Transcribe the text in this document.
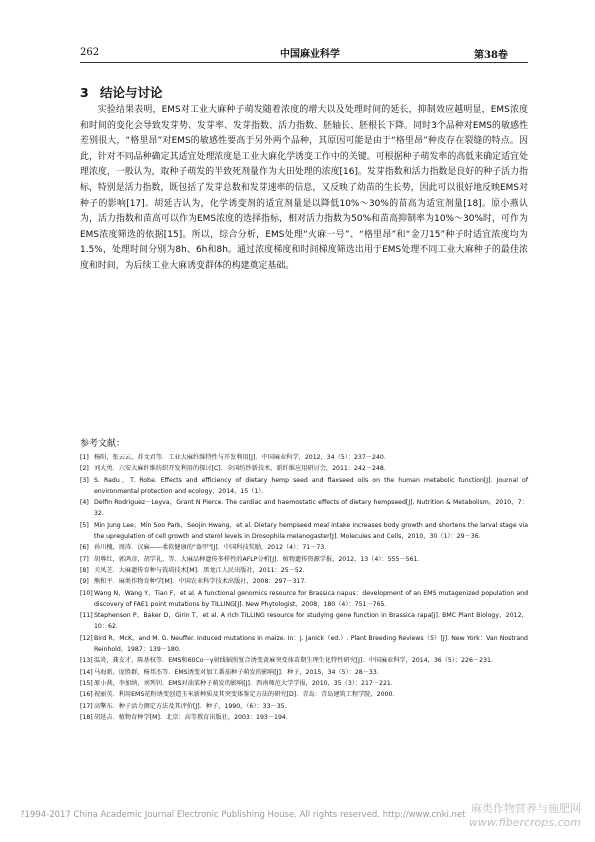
262	中国麻业科学	第38卷
3 结论与讨论

实验结果表明，EMS对工业大麻种子萌发随着浓度的增大以及处理时间的延长，抑制效应越明显，EMS浓度和时间的变化会导致发芽势、发芽率、发芽指数、活力指数、胚轴长、胚根长下降。同时3个品种对EMS的敏感性差别很大，“格里昂”对EMS的敏感性要高于另外两个品种，其原因可能是由于“格里昂”种皮存在裂缝的特点。因此，针对不同品种确定其适宜处理浓度是工业大麻化学诱变工作中的关键。可根据种子萌发率的高低来确定适宜处理浓度，一般认为，取种子萌发的半致死剂量作为大田处理的浓度[16]。发芽指数和活力指数是良好的种子活力指标，特别是活力指数，既包括了发芽总数和发芽速率的信息，又反映了幼苗的生长势，因此可以很好地反映EMS对种子的影响[17]。胡延吉认为，化学诱变剂的适宜剂量是以降低10%～30%的苗高为适宜剂量[18]。原小燕认为，活力指数和苗高可以作为EMS浓度的选择指标，相对活力指数为50%和苗高抑制率为10%～30%时，可作为EMS浓度筛选的依据[15]。所以，综合分析，EMS处理“火麻一号”、“格里昂”和“金刀15”种子时适宜浓度均为1.5%，处理时间分别为8h、6h和8h。通过浓度梯度和时间梯度筛选出用于EMS处理不同工业大麻种子的最佳浓度和时间，为后续工业大麻诱变群体的构建奠定基础。

参考文献：
[1] 杨阳，张云云，苏文君等．工业大麻纤维特性与开发利用[J]．中国麻业科学，2012，34（5）：237－240．
[2] 刘大勇．六安大麻纤维纺织开发利用的探讨[C]．全国纺纱新技术、新纤维应用研讨会，2011：242－248．
[3] S. Radu，T. Roba. Effects and efficiency of dietary hemp seed and flaxseed oils on the human metabolic function[J]. Journal of environmental protection and ecology，2014，15（1）．
[4] Delfin Rodriguez－Leyva，Grant N Pierce. The cardiac and haemostatic effects of dietary hempseed[J]. Nutrition & Metabolism，2010，7：32．
[5] Min Jung Lee，Min Soo Park，Seojin Hwang，et al. Dietary hempseed meal intake increases body growth and shortens the larval stage via the upregulation of cell growth and sterol levels in Drosophila melanogaster[J]. Molecules and Cells，2010，30（1）：29－36．
[6] 孙川槐，周涛．汉麻——柔软健康的"盔甲"[J]．中国科技奖励，2012（4）：71－73．
[7] 胡尊红，郭鸿彦，胡学礼，等．大麻品种遗传多样性的AFLP分析[J]．植物遗传资源学报，2012，13（4）：555－561．
[8] 关凤芝．大麻遗传育种与栽培技术[M]．黑龙江人民出版社，2011：25－52．
[9] 熊和平．麻类作物育种学[M]．中国农业科学技术出版社，2008：297－317．
[10] Wang N，Wang Y，Tian F，et al. A functional genomics resource for Brassica napus：development of an EMS mutagenized population and discovery of FAE1 point mutations by TILLING[J]. New Phytologist，2008，180（4）：751－765．
[11] Stephenson P，Baker D，Girin T，et al. A rich TILLING resource for studying gene function in Brassica rapa[J]. BMC Plant Biology，2012，10：62．
[12] Bird R，McK，and M. G. Neuffer. Induced mutations in maize. In：J. Janick（ed.）. Plant Breeding Reviews（5）[J]. New York：Van Nostrand Reinhold，1987：139－180．
[13] 温炎，龚友才，陈基权等．EMS和60Co－γ射线辐照复合诱变黄麻突变体苗期生理生化特性研究[J]．中国麻业科学，2014，36（5）：226－231．
[14] 马海新，庞胜群，杨邦杰等．EMS诱变对加工番茄种子萌发的影响[J]．种子，2015，34（5）：28－33．
[15] 原小燕，李加纳，刘列钊．EMS对油菜种子萌发的影响[J]．西南师范大学学报，2010，35（3）：217－221．
[16] 祝丽英．利用EMS花粉诱变创造玉米新种质及其突变体鉴定方法的研究[D]．青岛：青岛建筑工程学院，2000．
[17] 高擎东．种子活力测定方法及其评价[J]．种子，1990，（6）：33－35．
[18] 胡延吉．植物育种学[M]．北京：高等教育出版社，2003：193－194．
?1994-2017 China Academic Journal Electronic Publishing House. All rights reserved. http://www.cnki.net 麻类作物营养与施肥网
www.fibercrops.com
